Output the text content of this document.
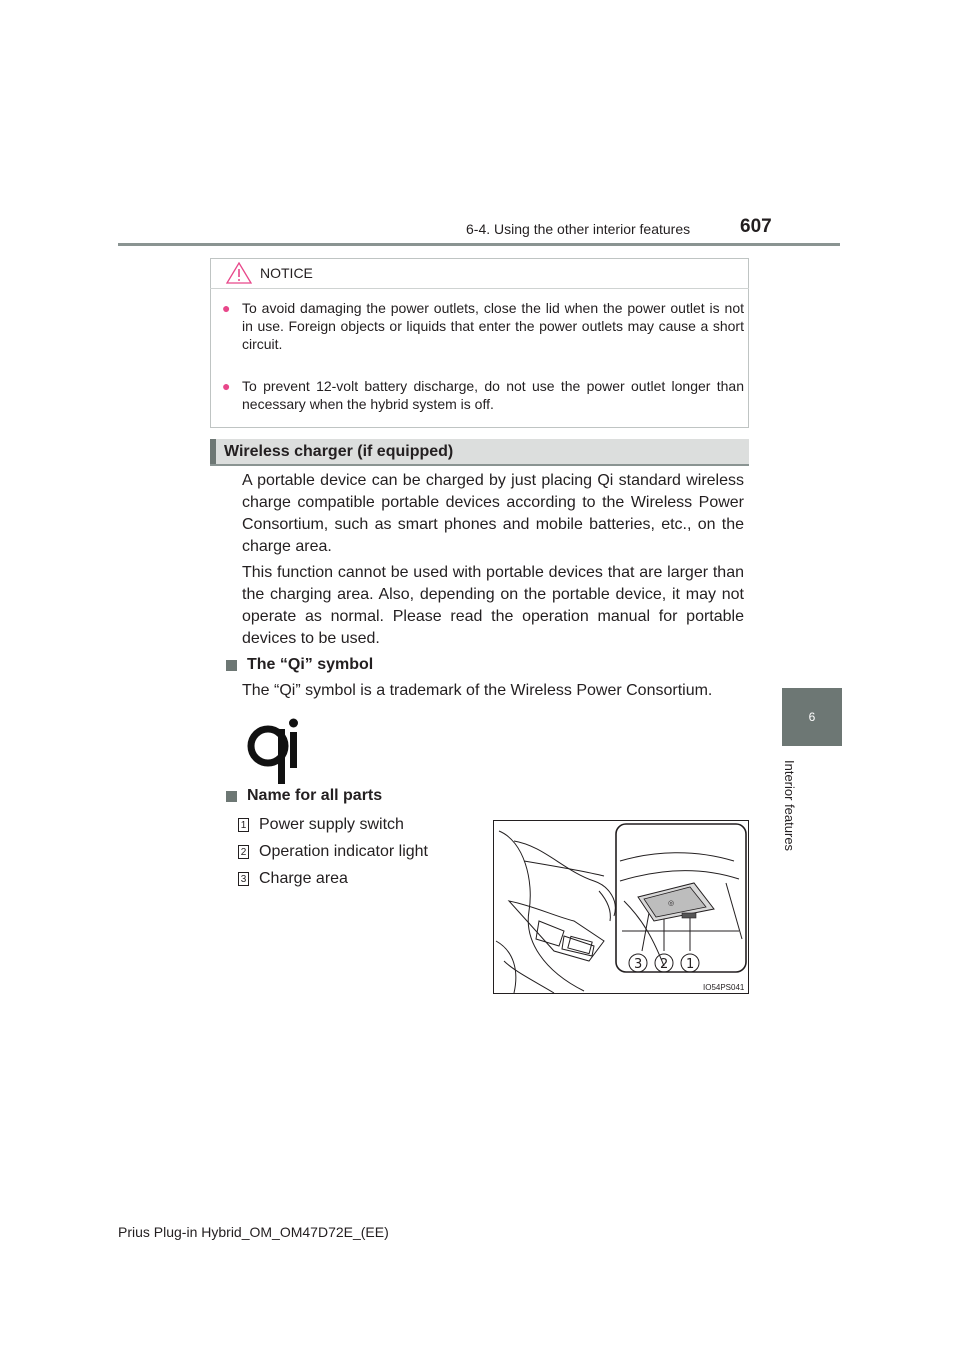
6-4. Using the other interior features	607
6
Interior features
NOTICE
● To avoid damaging the power outlets, close the lid when the power outlet is not in use. Foreign objects or liquids that enter the power outlets may cause a short circuit.
● To prevent 12-volt battery discharge, do not use the power outlet longer than necessary when the hybrid system is off.
Wireless charger (if equipped)
A portable device can be charged by just placing Qi standard wireless charge compatible portable devices according to the Wireless Power Consortium, such as smart phones and mobile batteries, etc., on the charge area.
This function cannot be used with portable devices that are larger than the charging area. Also, depending on the portable device, it may not operate as normal. Please read the operation manual for portable devices to be used.
The “Qi” symbol
The “Qi” symbol is a trademark of the Wireless Power Consortium.
Name for all parts
1 Power supply switch
2 Operation indicator light
3 Charge area
◎
3 2 1
IO54PS041
Prius Plug-in Hybrid_OM_OM47D72E_(EE)
